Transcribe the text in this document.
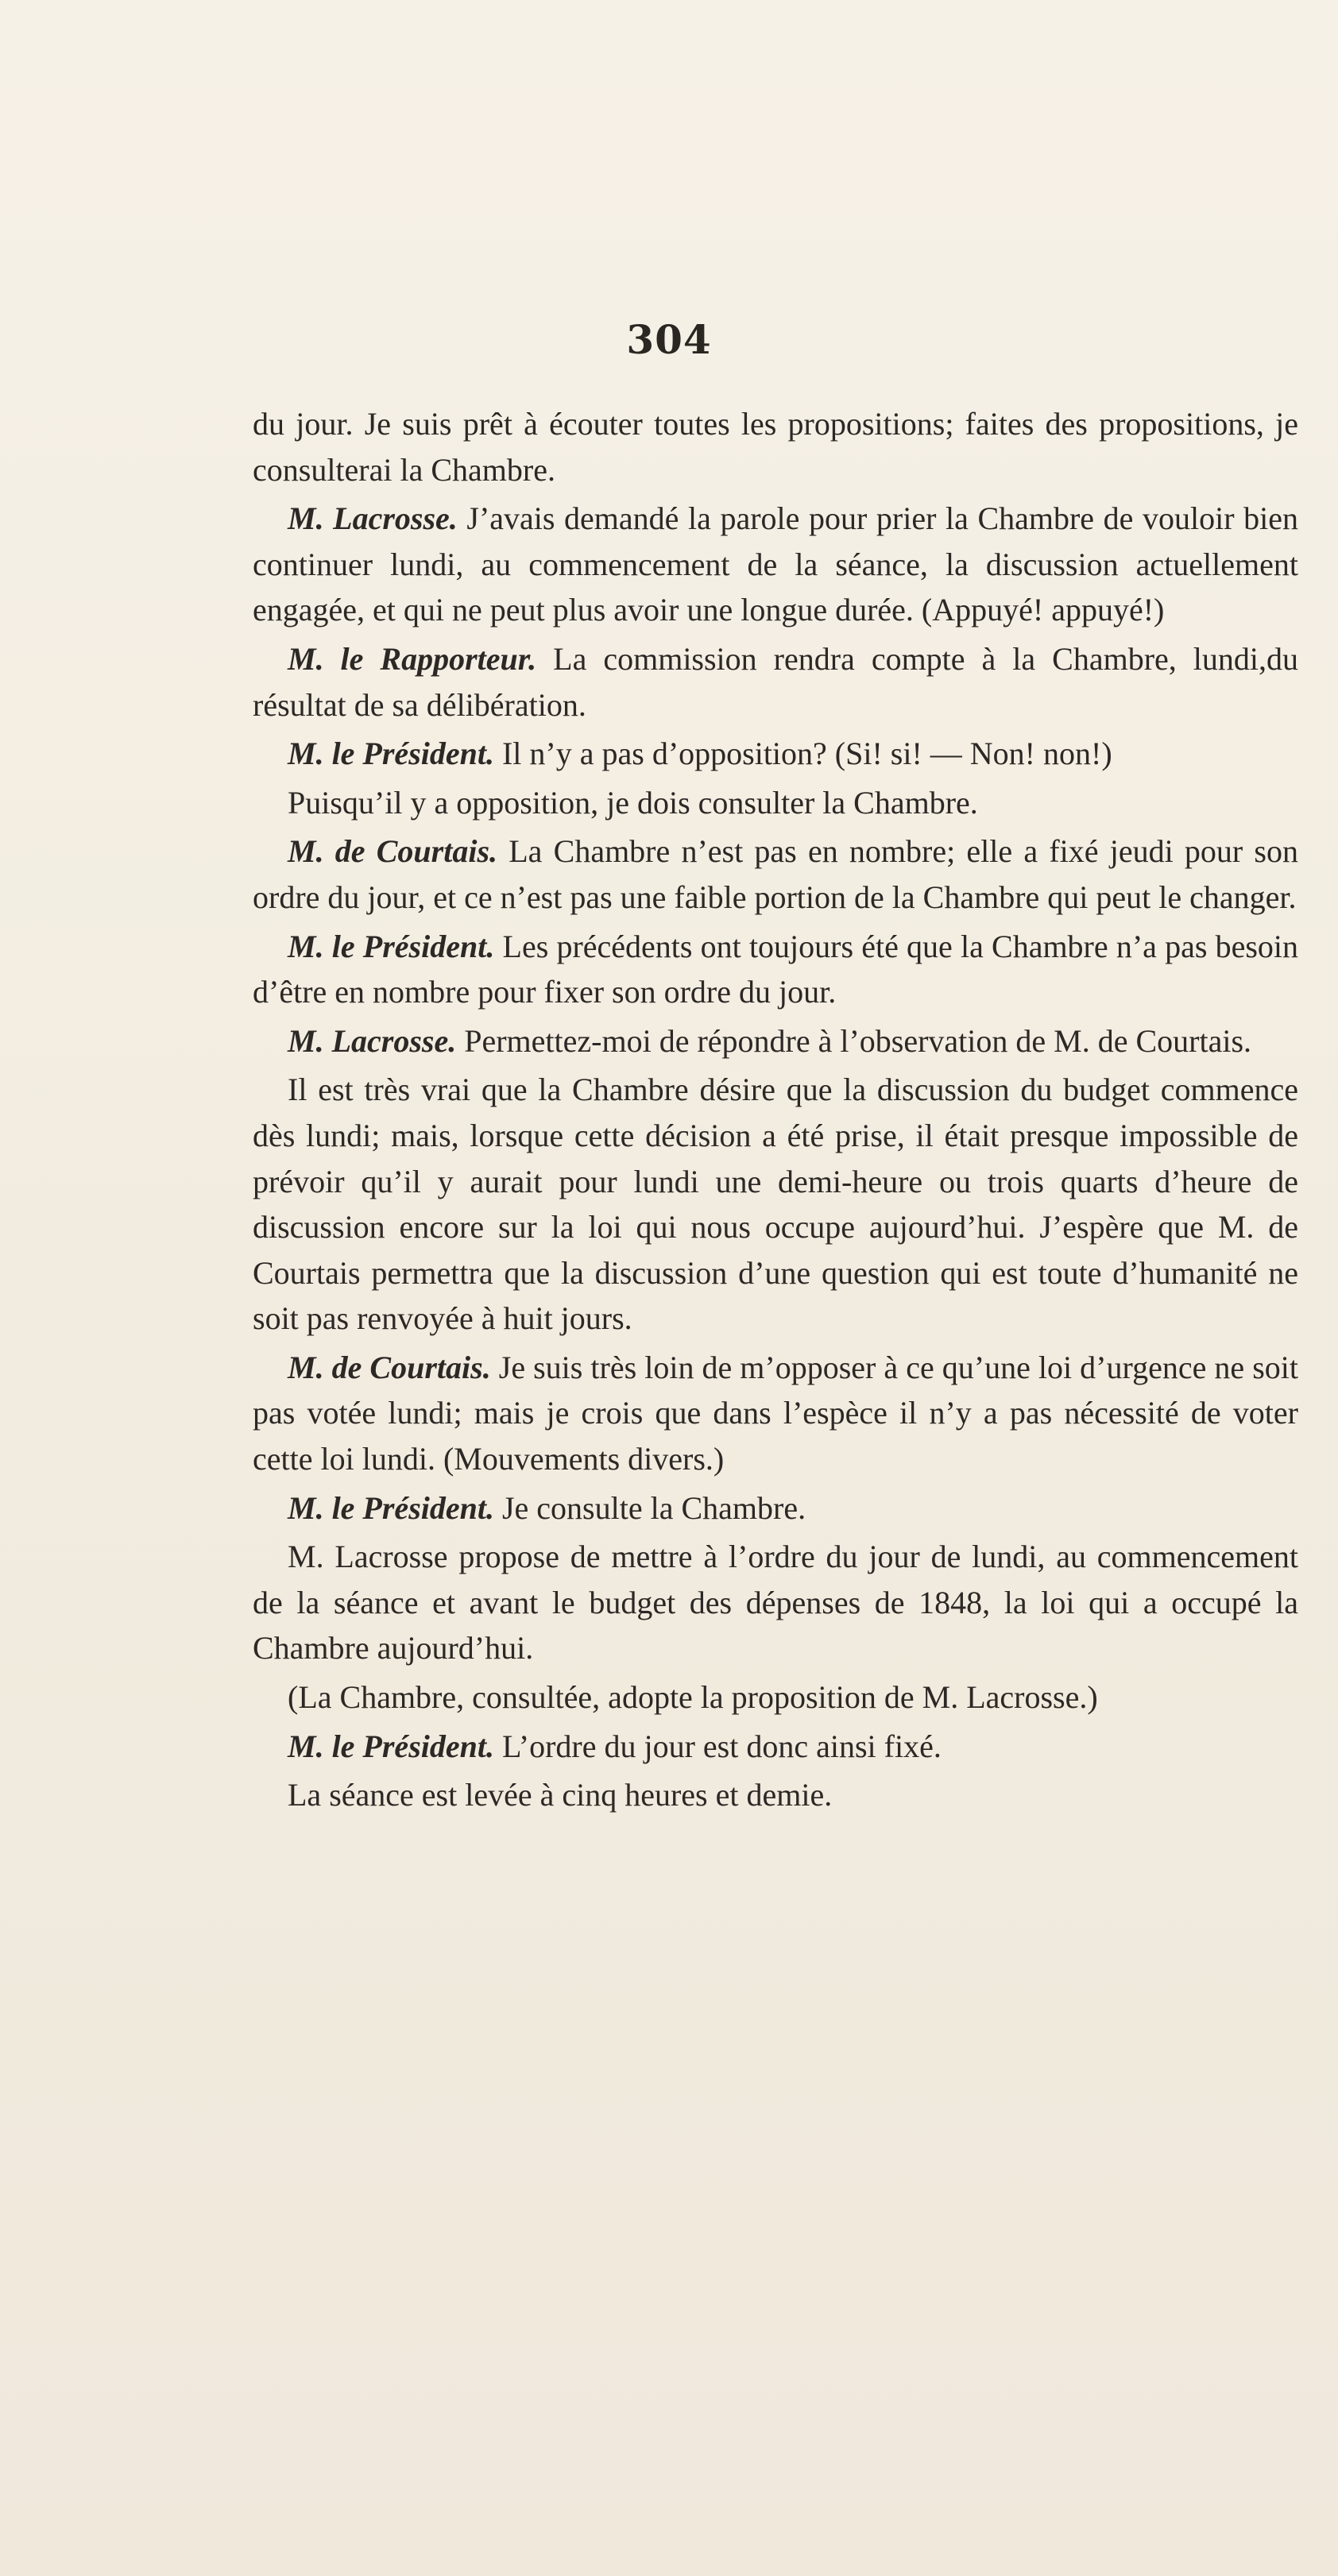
304

du jour. Je suis prêt à écouter toutes les propositions; faites des propositions, je consulterai la Chambre.

M. Lacrosse. J’avais demandé la parole pour prier la Chambre de vouloir bien continuer lundi, au commencement de la séance, la discussion actuellement engagée, et qui ne peut plus avoir une longue durée. (Appuyé! appuyé!)

M. le Rapporteur. La commission rendra compte à la Chambre, lundi,du résultat de sa délibération.

M. le Président. Il n’y a pas d’opposition? (Si! si! — Non! non!)

Puisqu’il y a opposition, je dois consulter la Chambre.

M. de Courtais. La Chambre n’est pas en nombre; elle a fixé jeudi pour son ordre du jour, et ce n’est pas une faible portion de la Chambre qui peut le changer.

M. le Président. Les précédents ont toujours été que la Chambre n’a pas besoin d’être en nombre pour fixer son ordre du jour.

M. Lacrosse. Permettez-moi de répondre à l’observation de M. de Courtais.

Il est très vrai que la Chambre désire que la discussion du budget commence dès lundi; mais, lorsque cette décision a été prise, il était presque impossible de prévoir qu’il y aurait pour lundi une demi-heure ou trois quarts d’heure de discussion encore sur la loi qui nous occupe aujourd’hui. J’espère que M. de Courtais permettra que la discussion d’une question qui est toute d’humanité ne soit pas renvoyée à huit jours.

M. de Courtais. Je suis très loin de m’opposer à ce qu’une loi d’urgence ne soit pas votée lundi; mais je crois que dans l’espèce il n’y a pas nécessité de voter cette loi lundi. (Mouvements divers.)

M. le Président. Je consulte la Chambre.

M. Lacrosse propose de mettre à l’ordre du jour de lundi, au commencement de la séance et avant le budget des dépenses de 1848, la loi qui a occupé la Chambre aujourd’hui.

(La Chambre, consultée, adopte la proposition de M. Lacrosse.)

M. le Président. L’ordre du jour est donc ainsi fixé.

La séance est levée à cinq heures et demie.
